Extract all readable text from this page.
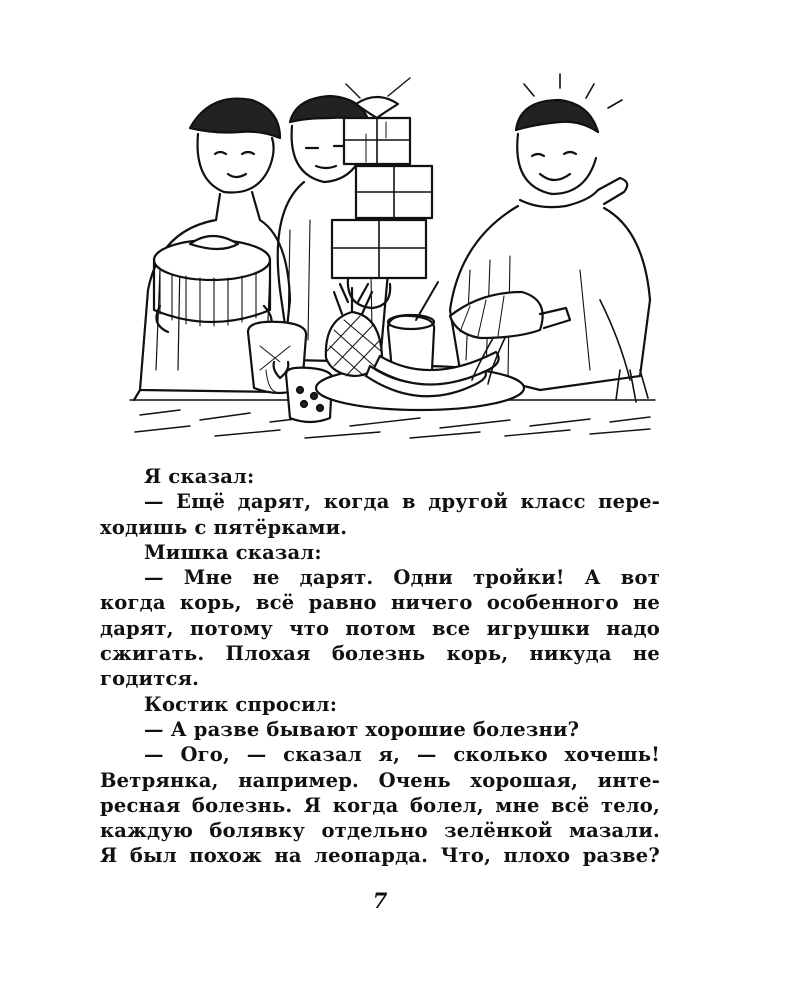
Я сказал:
— Ещё дарят, когда в другой класс пере-
ходишь с пятёрками.
Мишка сказал:
— Мне не дарят. Одни тройки! А вот
когда корь, всё равно ничего особенного не
дарят, потому что потом все игрушки надо
сжигать. Плохая болезнь корь, никуда не
годится.
Костик спросил:
— А разве бывают хорошие болезни?
— Ого, — сказал я, — сколько хочешь!
Ветрянка, например. Очень хорошая, инте-
ресная болезнь. Я когда болел, мне всё тело,
каждую болявку отдельно зелёнкой мазали.
Я был похож на леопарда. Что, плохо разве?
7
